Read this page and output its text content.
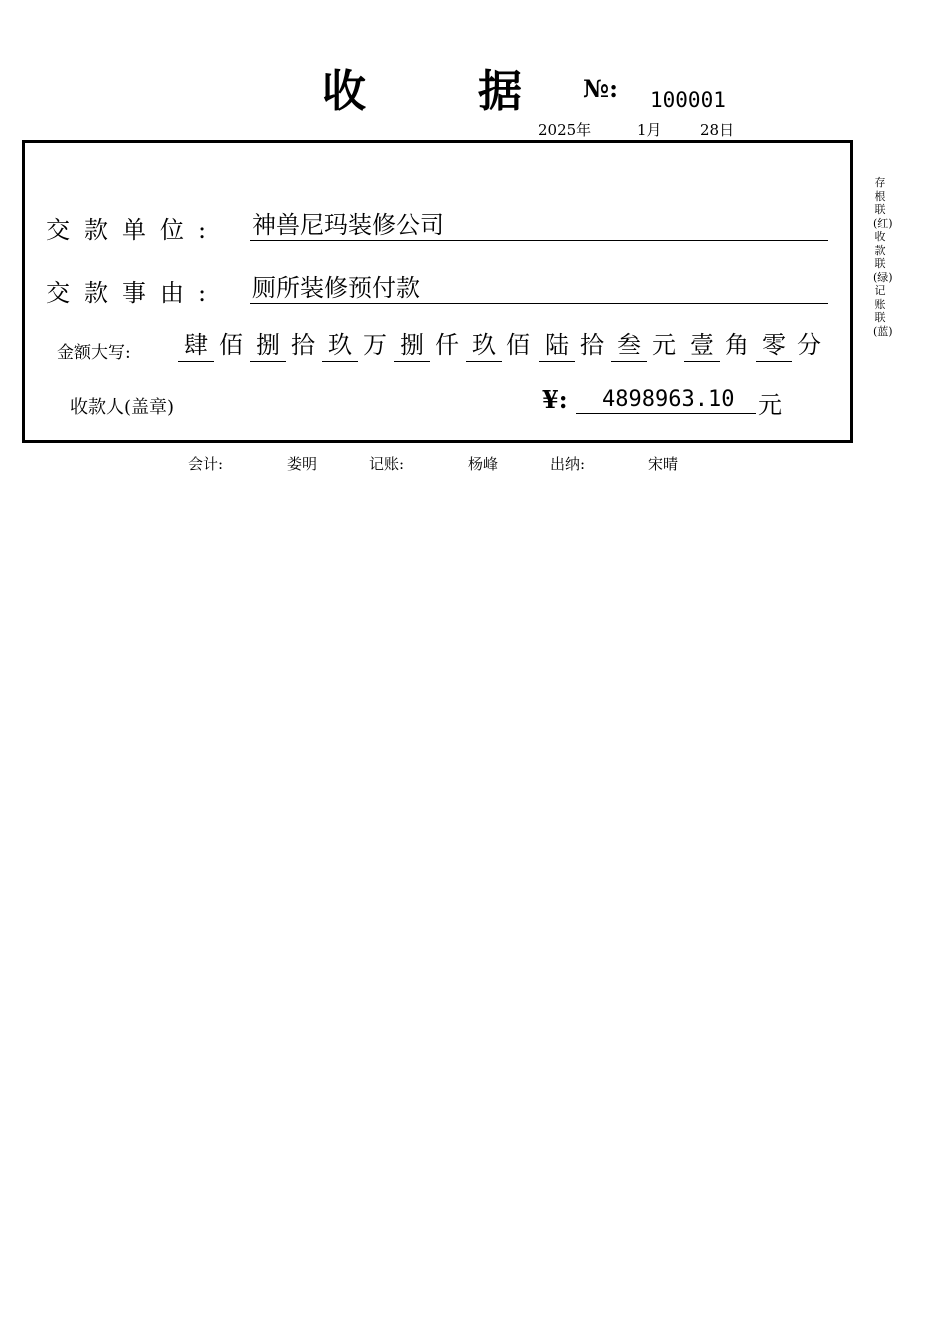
收	据	№: 100001
2025年	1月	28日
交款单位: 神兽尼玛装修公司
交款事由: 厕所装修预付款
金额大写: 肆 佰 捌 拾 玖 万 捌 仟 玖 佰 陆 拾 叁 元 壹 角 零 分
收款人(盖章)	¥:	4898963.10 元
会计:	娄明	记账:	杨峰	出纳:	宋晴
存根联(红)收款联(绿)记账联(蓝)
